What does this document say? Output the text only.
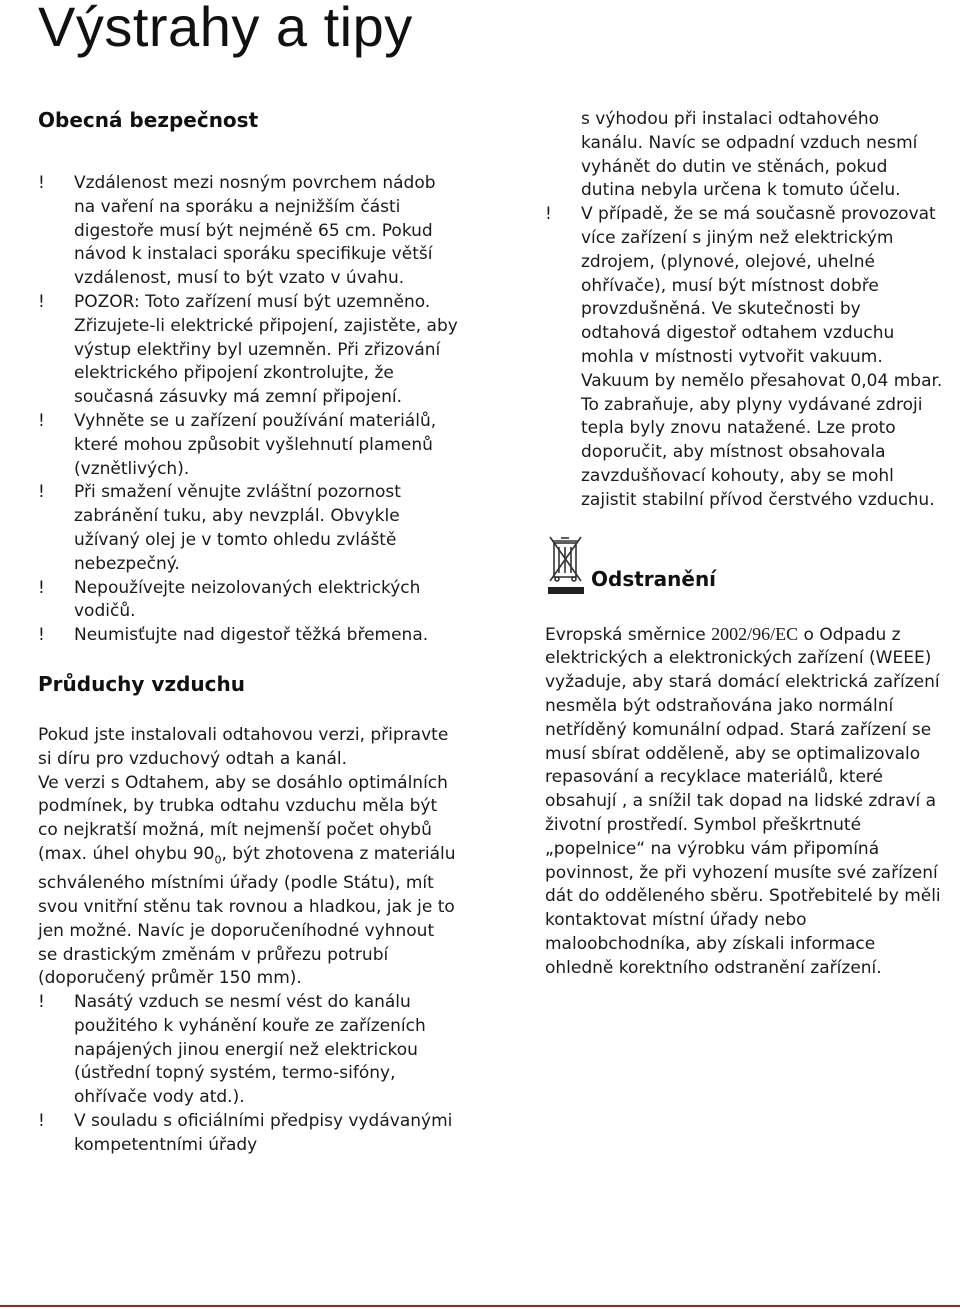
Výstrahy a tipy
Obecná bezpečnost

! Vzdálenost mezi nosným povrchem nádob na vaření na sporáku a nejnižším části digestoře musí být nejméně 65 cm. Pokud návod k instalaci sporáku specifikuje větší vzdálenost, musí to být vzato v úvahu.

! POZOR: Toto zařízení musí být uzemněno. Zřizujete-li elektrické připojení, zajistěte, aby výstup elektřiny byl uzemněn. Při zřizování elektrického připojení zkontrolujte, že současná zásuvky má zemní připojení.

! Vyhněte se u zařízení používání materiálů, které mohou způsobit vyšlehnutí plamenů (vznětlivých).

! Při smažení věnujte zvláštní pozornost zabránění tuku, aby nevzplál. Obvykle užívaný olej je v tomto ohledu zvláště nebezpečný.

! Nepoužívejte neizolovaných elektrických vodičů.

! Neumisťujte nad digestoř těžká břemena.

Průduchy vzduchu

Pokud jste instalovali odtahovou verzi, připravte si díru pro vzduchový odtah a kanál.

Ve verzi s Odtahem, aby se dosáhlo optimálních podmínek, by trubka odtahu vzduchu měla být co nejkratší možná, mít nejmenší počet ohybů (max. úhel ohybu $90_0$, být zhotovena z materiálu schváleného místními úřady (podle Státu), mít svou vnitřní stěnu tak rovnou a hladkou, jak je to jen možné. Navíc je doporučeníhodné vyhnout se drastickým změnám v průřezu potrubí (doporučený průměr 150 mm).

! Nasátý vzduch se nesmí vést do kanálu použitého k vyhánění kouře ze zařízeních napájených jinou energií než elektrickou (ústřední topný systém, termo-sifóny, ohřívače vody atd.).

! V souladu s oficiálními předpisy vydávanými kompetentními úřady

s výhodou při instalaci odtahového kanálu. Navíc se odpadní vzduch nesmí vyhánět do dutin ve stěnách, pokud dutina nebyla určena k tomuto účelu.

! V případě, že se má současně provozovat více zařízení s jiným než elektrickým zdrojem, (plynové, olejové, uhelné ohřívače), musí být místnost dobře provzdušněná. Ve skutečnosti by odtahová digestoř odtahem vzduchu mohla v místnosti vytvořit vakuum. Vakuum by nemělo přesahovat 0,04 mbar. To zabraňuje, aby plyny vydávané zdroji tepla byly znovu natažené. Lze proto doporučit, aby místnost obsahovala zavzdušňovací kohouty, aby se mohl zajistit stabilní přívod čerstvého vzduchu.

Odstranění

Evropská směrnice 2002/96/EC o Odpadu z elektrických a elektronických zařízení (WEEE) vyžaduje, aby stará domácí elektrická zařízení nesměla být odstraňována jako normální netříděný komunální odpad. Stará zařízení se musí sbírat odděleně, aby se optimalizovalo repasování a recyklace materiálů, které obsahují , a snížil tak dopad na lidské zdraví a životní prostředí. Symbol přeškrtnuté „popelnice“ na výrobku vám připomíná povinnost, že při vyhození musíte své zařízení dát do odděleného sběru. Spotřebitelé by měli kontaktovat místní úřady nebo maloobchodníka, aby získali informace ohledně korektního odstranění zařízení.
